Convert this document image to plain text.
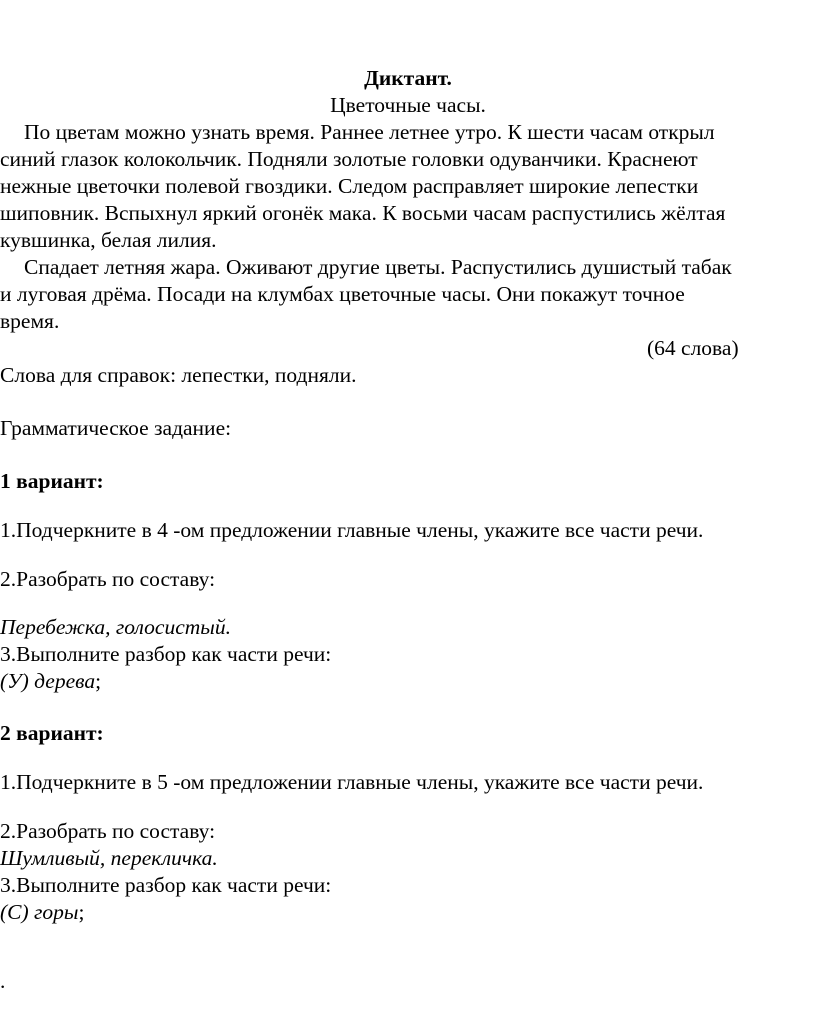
Диктант.
Цветочные часы.
По цветам можно узнать время. Раннее летнее утро. К шести часам открыл
синий глазок колокольчик. Подняли золотые головки одуванчики. Краснеют
нежные цветочки полевой гвоздики. Следом расправляет широкие лепестки
шиповник. Вспыхнул яркий огонёк мака. К восьми часам распустились жёлтая
кувшинка, белая лилия.
Спадает летняя жара. Оживают другие цветы. Распустились душистый табак
и луговая дрёма. Посади на клумбах цветочные часы. Они покажут точное
время.
(64 слова)
Слова для справок: лепестки, подняли.
Грамматическое задание:
1 вариант:
1.Подчеркните в 4 -ом предложении главные члены, укажите все части речи.
2.Разобрать по составу:
Перебежка, голосистый.
3.Выполните разбор как части речи:
(У) дерева;
2 вариант:
1.Подчеркните в 5 -ом предложении главные члены, укажите все части речи.
2.Разобрать по составу:
Шумливый, перекличка.
3.Выполните разбор как части речи:
(С) горы;
.
